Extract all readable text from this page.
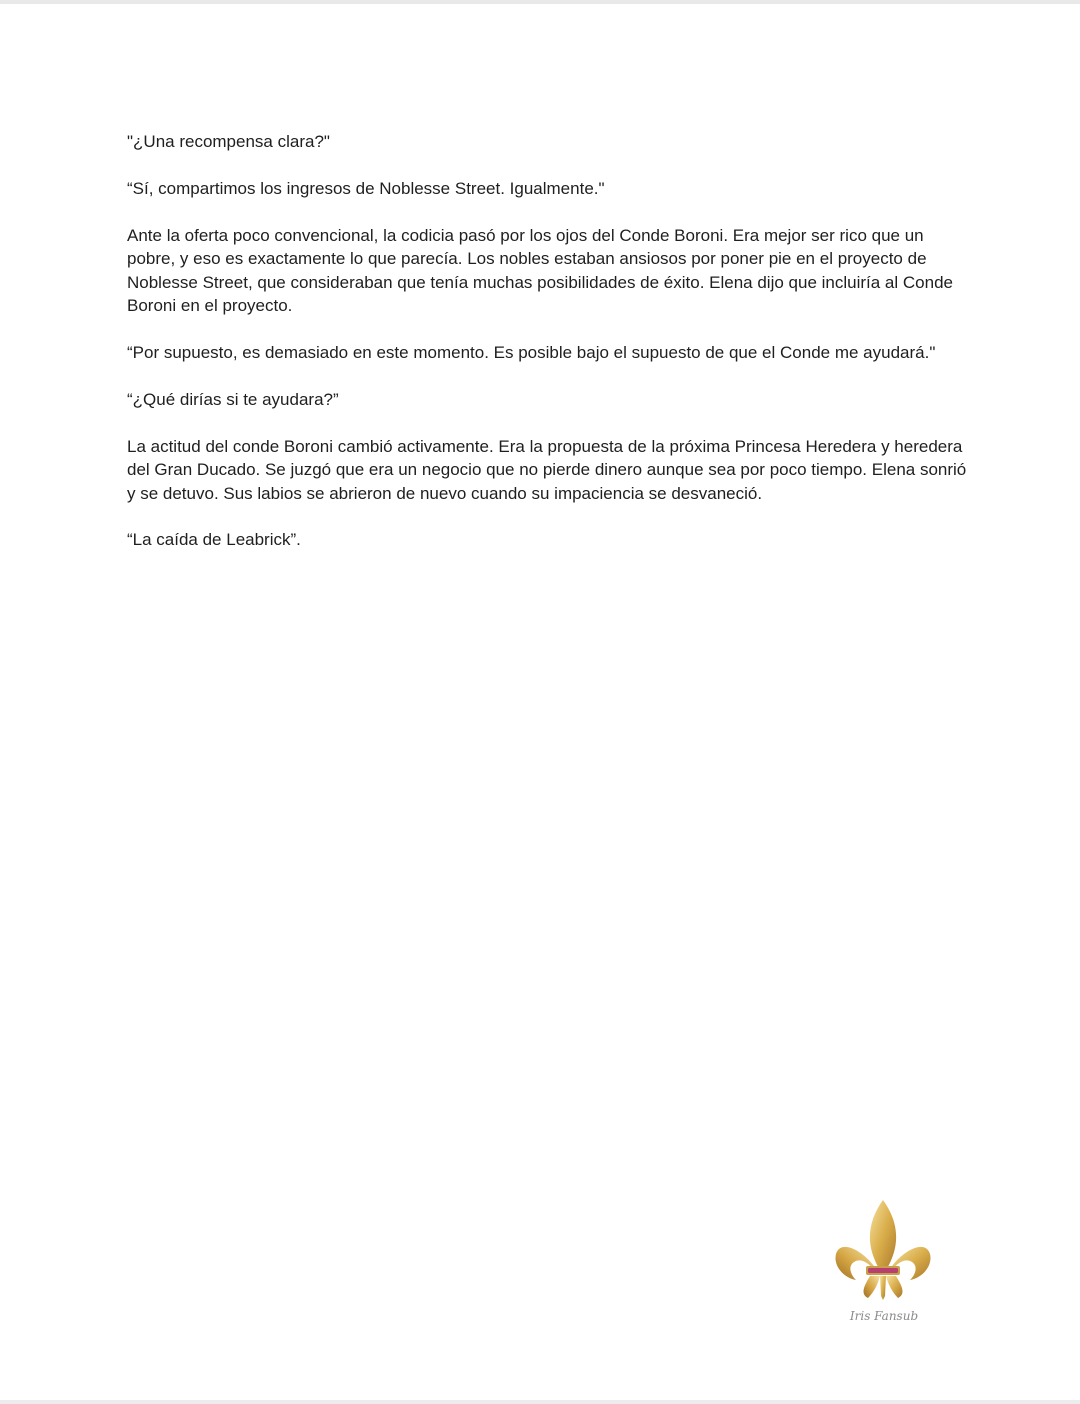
"¿Una recompensa clara?"

“Sí, compartimos los ingresos de Noblesse Street. Igualmente."

Ante la oferta poco convencional, la codicia pasó por los ojos del Conde Boroni. Era mejor ser rico que un pobre, y eso es exactamente lo que parecía. Los nobles estaban ansiosos por poner pie en el proyecto de Noblesse Street, que consideraban que tenía muchas posibilidades de éxito. Elena dijo que incluiría al Conde Boroni en el proyecto.

“Por supuesto, es demasiado en este momento. Es posible bajo el supuesto de que el Conde me ayudará."

“¿Qué dirías si te ayudara?”

La actitud del conde Boroni cambió activamente. Era la propuesta de la próxima Princesa Heredera y heredera del Gran Ducado. Se juzgó que era un negocio que no pierde dinero aunque sea por poco tiempo. Elena sonrió y se detuvo. Sus labios se abrieron de nuevo cuando su impaciencia se desvaneció.

“La caída de Leabrick”.

Iris Fansub
